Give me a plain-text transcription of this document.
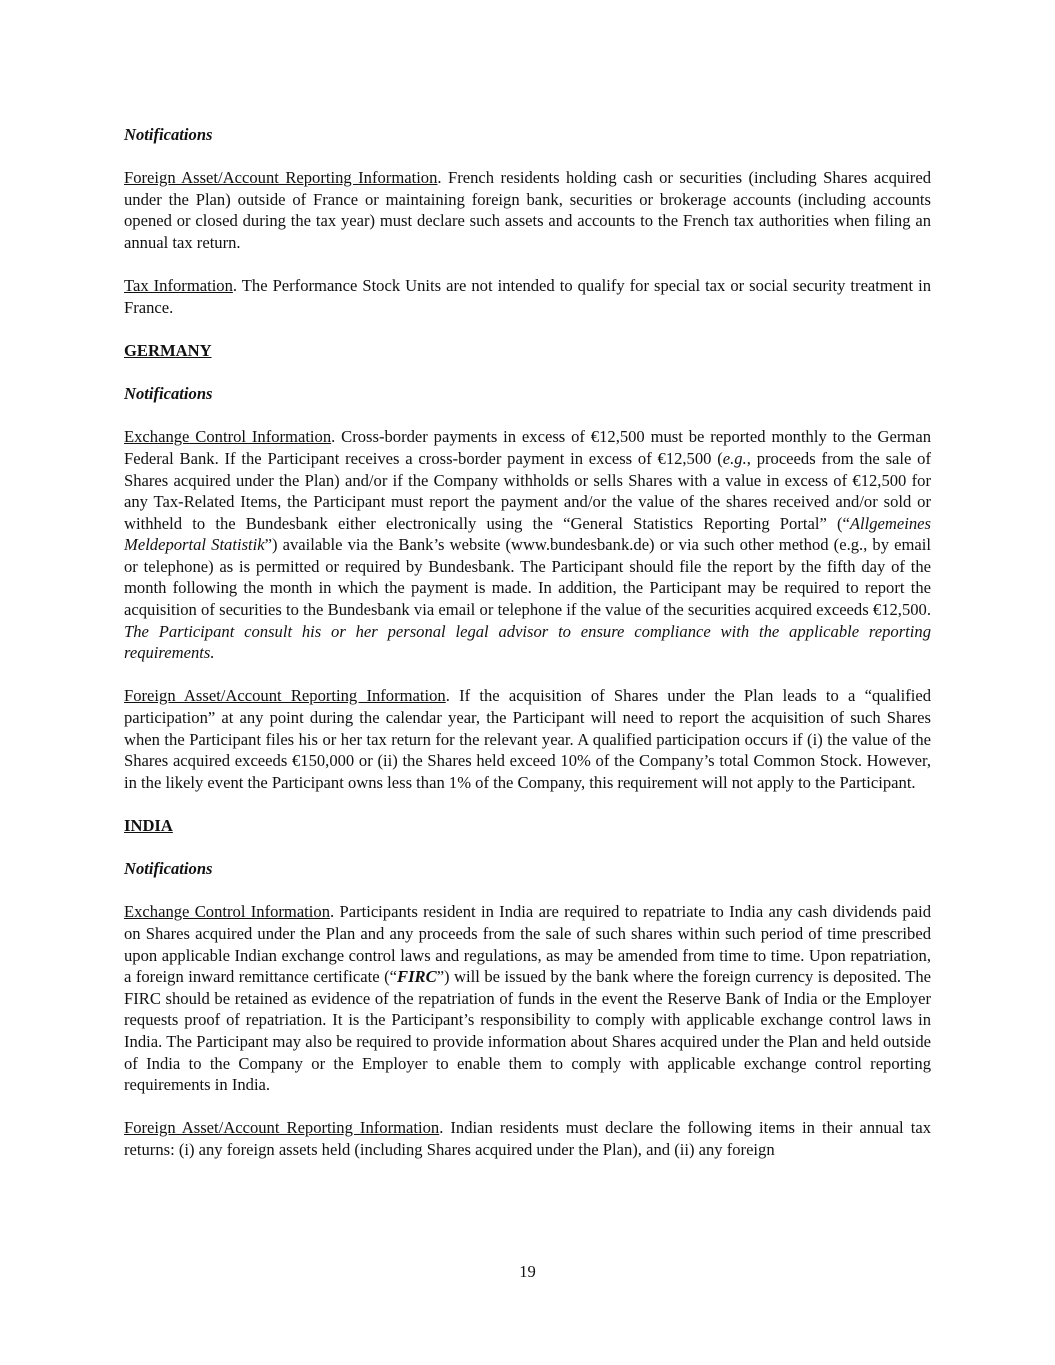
Notifications

Foreign Asset/Account Reporting Information. French residents holding cash or securities (including Shares acquired under the Plan) outside of France or maintaining foreign bank, securities or brokerage accounts (including accounts opened or closed during the tax year) must declare such assets and accounts to the French tax authorities when filing an annual tax return.

Tax Information. The Performance Stock Units are not intended to qualify for special tax or social security treatment in France.

GERMANY
Notifications

Exchange Control Information. Cross-border payments in excess of €12,500 must be reported monthly to the German Federal Bank. If the Participant receives a cross-border payment in excess of €12,500 (e.g., proceeds from the sale of Shares acquired under the Plan) and/or if the Company withholds or sells Shares with a value in excess of €12,500 for any Tax-Related Items, the Participant must report the payment and/or the value of the shares received and/or sold or withheld to the Bundesbank either electronically using the “General Statistics Reporting Portal” (“Allgemeines Meldeportal Statistik”) available via the Bank’s website (www.bundesbank.de) or via such other method (e.g., by email or telephone) as is permitted or required by Bundesbank. The Participant should file the report by the fifth day of the month following the month in which the payment is made. In addition, the Participant may be required to report the acquisition of securities to the Bundesbank via email or telephone if the value of the securities acquired exceeds €12,500. The Participant consult his or her personal legal advisor to ensure compliance with the applicable reporting requirements.

Foreign Asset/Account Reporting Information. If the acquisition of Shares under the Plan leads to a “qualified participation” at any point during the calendar year, the Participant will need to report the acquisition of such Shares when the Participant files his or her tax return for the relevant year. A qualified participation occurs if (i) the value of the Shares acquired exceeds €150,000 or (ii) the Shares held exceed 10% of the Company’s total Common Stock. However, in the likely event the Participant owns less than 1% of the Company, this requirement will not apply to the Participant.

INDIA
Notifications

Exchange Control Information. Participants resident in India are required to repatriate to India any cash dividends paid on Shares acquired under the Plan and any proceeds from the sale of such shares within such period of time prescribed upon applicable Indian exchange control laws and regulations, as may be amended from time to time. Upon repatriation, a foreign inward remittance certificate (“FIRC”) will be issued by the bank where the foreign currency is deposited. The FIRC should be retained as evidence of the repatriation of funds in the event the Reserve Bank of India or the Employer requests proof of repatriation. It is the Participant’s responsibility to comply with applicable exchange control laws in India. The Participant may also be required to provide information about Shares acquired under the Plan and held outside of India to the Company or the Employer to enable them to comply with applicable exchange control reporting requirements in India.

Foreign Asset/Account Reporting Information. Indian residents must declare the following items in their annual tax returns: (i) any foreign assets held (including Shares acquired under the Plan), and (ii) any foreign

19
